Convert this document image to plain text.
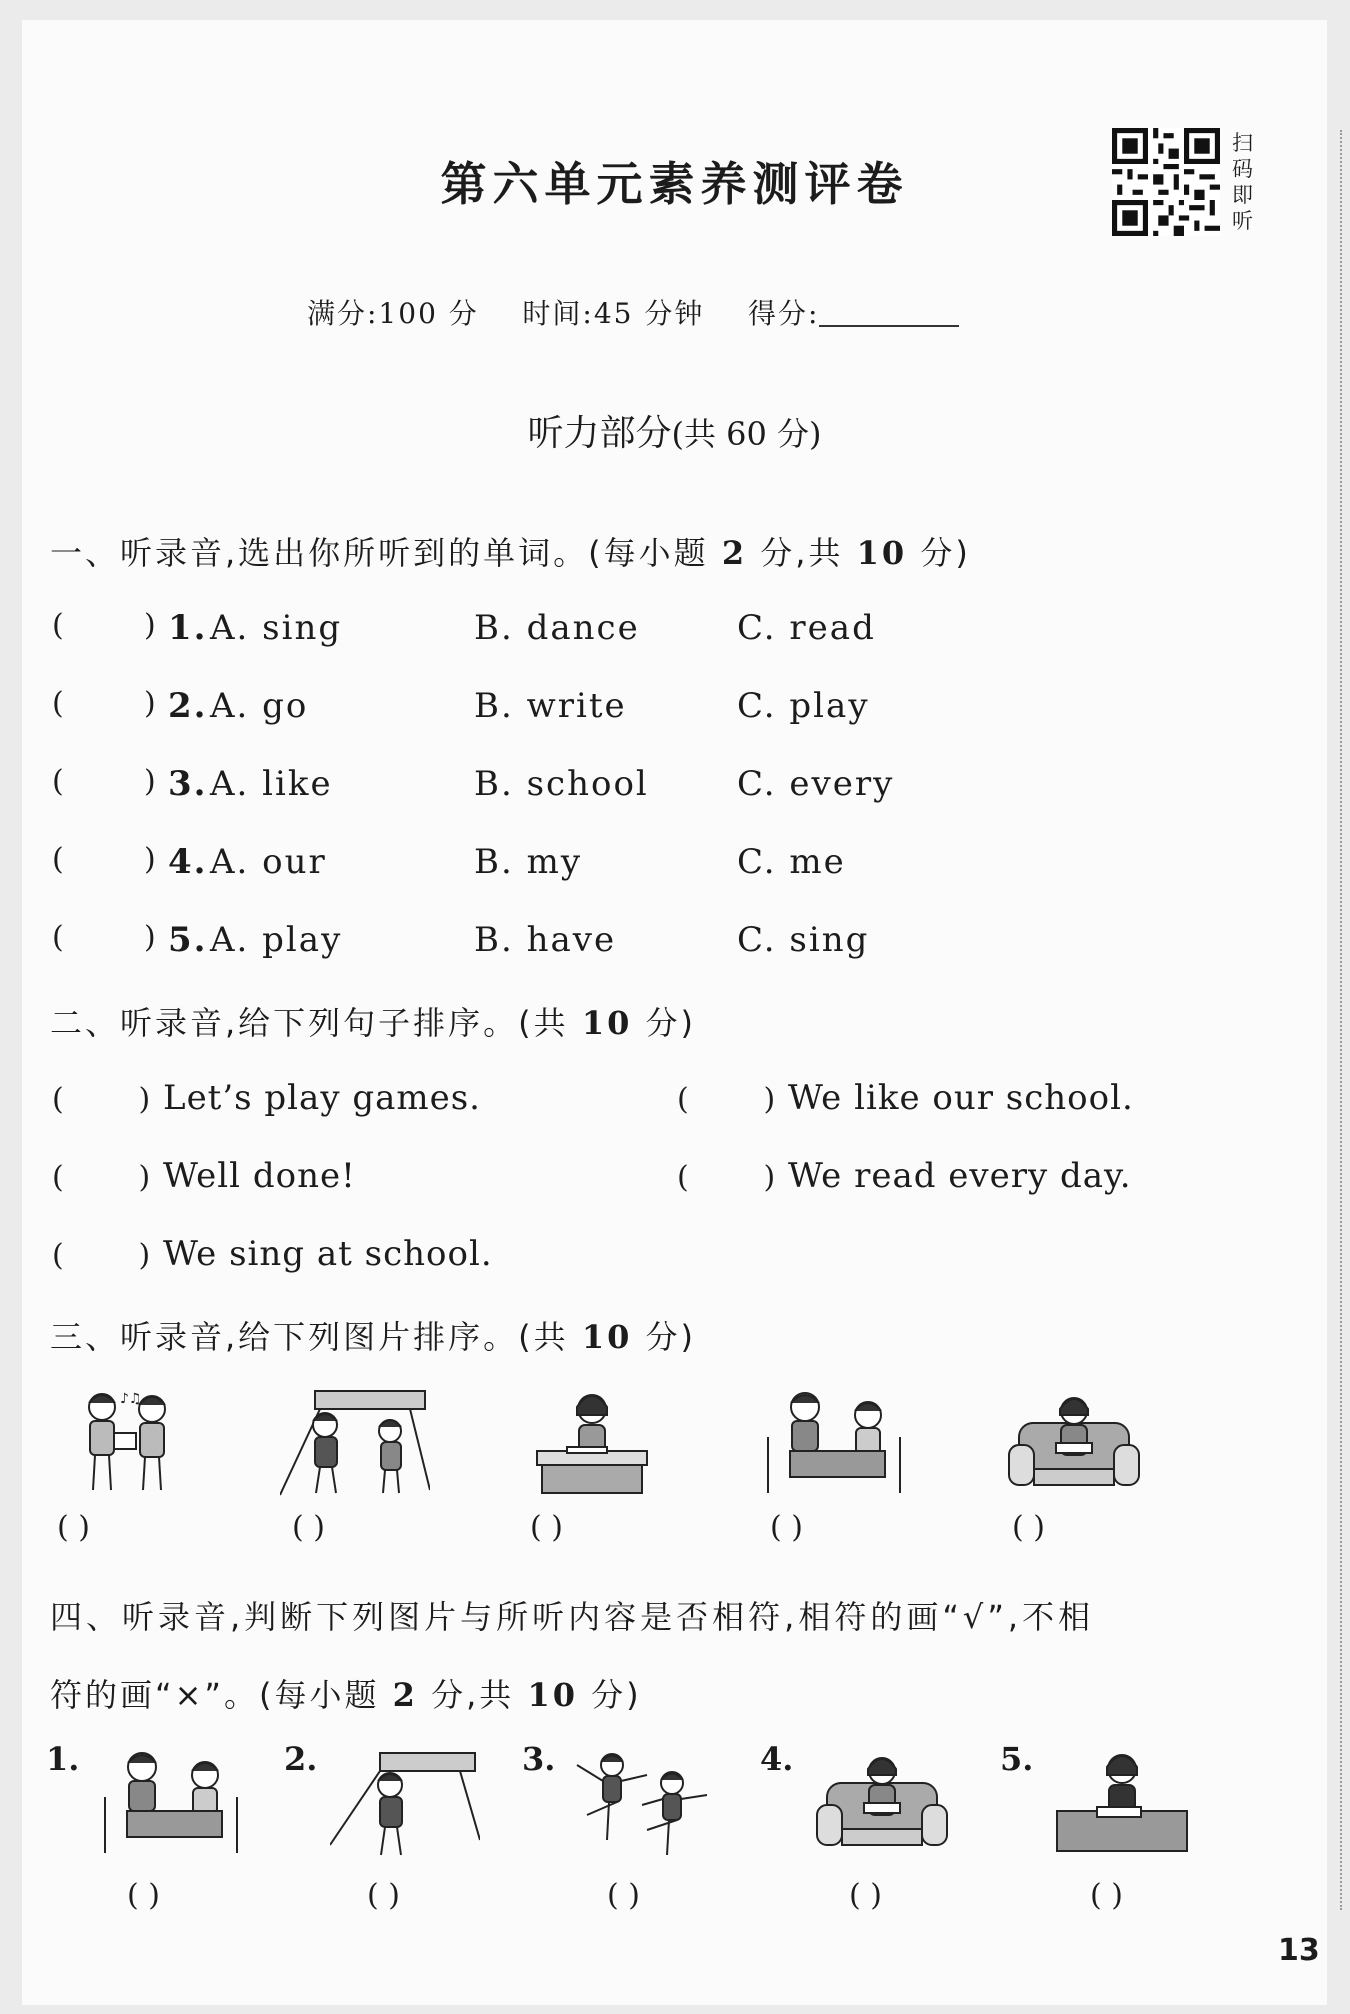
第六单元素养测评卷
扫
码
即
听
满分:100 分 时间:45 分钟 得分:
听力部分(共 60 分)
一、听录音,选出你所听到的单词。(每小题 2 分,共 10 分)
(	) 1. A. sing	B. dance	C. read
(	) 2. A. go	B. write	C. play
(	) 3. A. like	B. school	C. every
(	) 4. A. our	B. my	C. me
(	) 5. A. play	B. have	C. sing
二、听录音,给下列句子排序。(共 10 分)
(       ) Let’s play games.	(       ) We like our school.
(       ) Well done!	(       ) We read every day.
(       ) We sing at school.
三、听录音,给下列图片排序。(共 10 分)
♪♫
( )	( )	( )	( )	( )
四、听录音,判断下列图片与所听内容是否相符,相符的画“√”,不相
符的画“×”。(每小题 2 分,共 10 分)
1.	2.	3.	4.	5.
( )	( )	( )	( )	( )
13
